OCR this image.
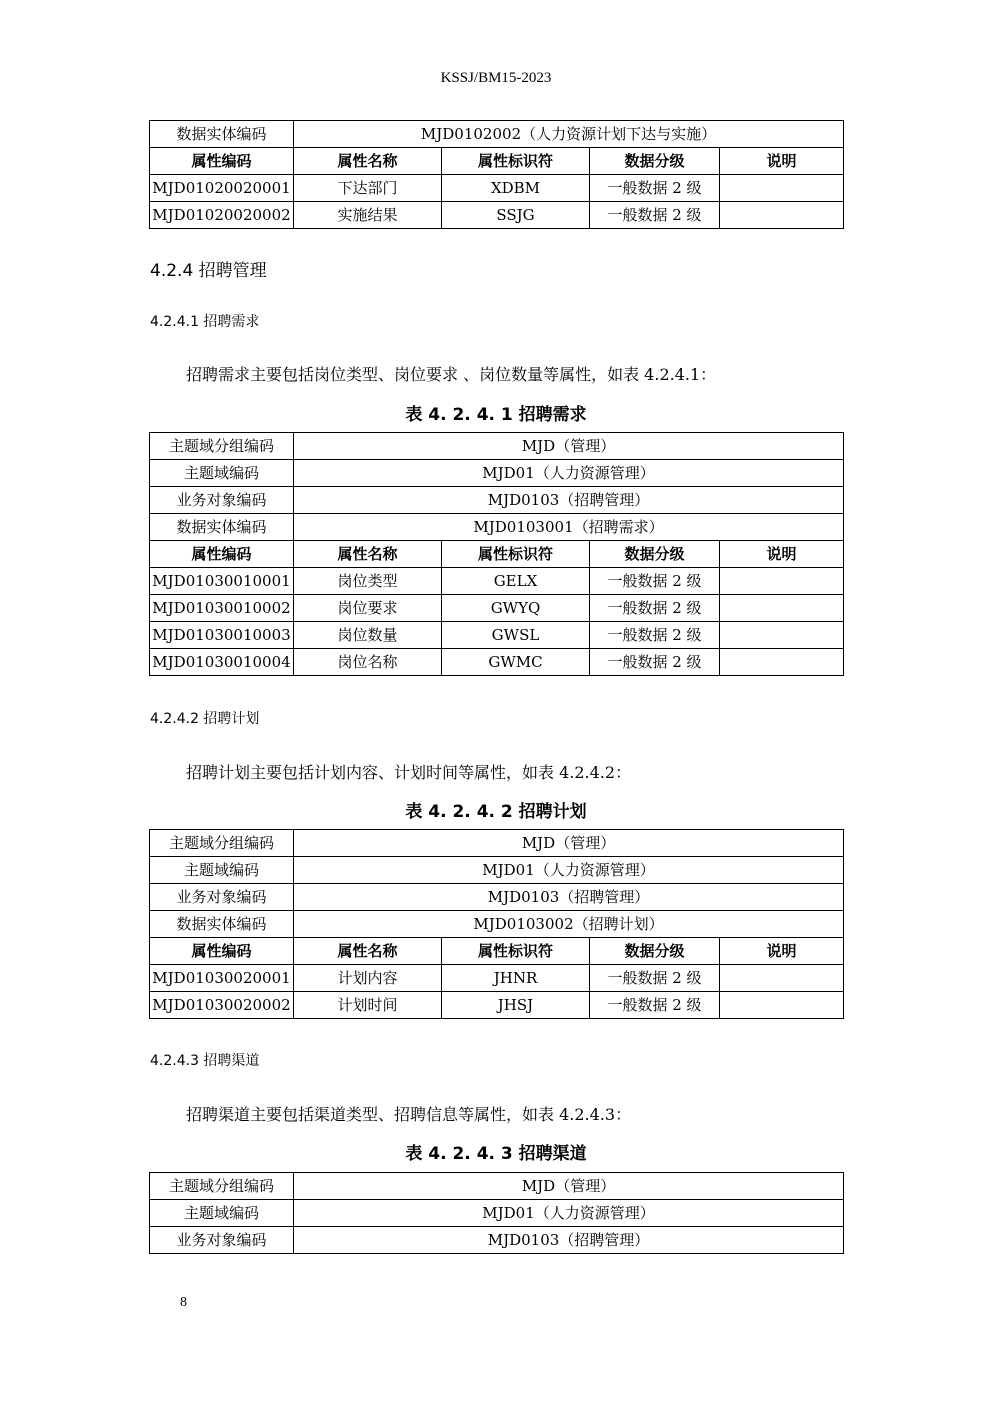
KSSJ/BM15-2023
数据实体编码	MJD0102002（人力资源计划下达与实施）			
属性编码	属性名称	属性标识符	数据分级	说明
MJD01020020001	下达部门	XDBM	一般数据 2 级	
MJD01020020002	实施结果	SSJG	一般数据 2 级	
4.2.4 招聘管理
4.2.4.1 招聘需求
招聘需求主要包括岗位类型、岗位要求 、岗位数量等属性，如表 4.2.4.1：
表 4. 2. 4. 1 招聘需求
主题域分组编码	MJD（管理）			
主题域编码	MJD01（人力资源管理）			
业务对象编码	MJD0103（招聘管理）			
数据实体编码	MJD0103001（招聘需求）			
属性编码	属性名称	属性标识符	数据分级	说明
MJD01030010001	岗位类型	GELX	一般数据 2 级	
MJD01030010002	岗位要求	GWYQ	一般数据 2 级	
MJD01030010003	岗位数量	GWSL	一般数据 2 级	
MJD01030010004	岗位名称	GWMC	一般数据 2 级	
4.2.4.2 招聘计划
招聘计划主要包括计划内容、计划时间等属性，如表 4.2.4.2：
表 4. 2. 4. 2 招聘计划
主题域分组编码	MJD（管理）			
主题域编码	MJD01（人力资源管理）			
业务对象编码	MJD0103（招聘管理）			
数据实体编码	MJD0103002（招聘计划）			
属性编码	属性名称	属性标识符	数据分级	说明
MJD01030020001	计划内容	JHNR	一般数据 2 级	
MJD01030020002	计划时间	JHSJ	一般数据 2 级	
4.2.4.3 招聘渠道
招聘渠道主要包括渠道类型、招聘信息等属性，如表 4.2.4.3：
表 4. 2. 4. 3 招聘渠道
主题域分组编码	MJD（管理）
主题域编码	MJD01（人力资源管理）
业务对象编码	MJD0103（招聘管理）
8
